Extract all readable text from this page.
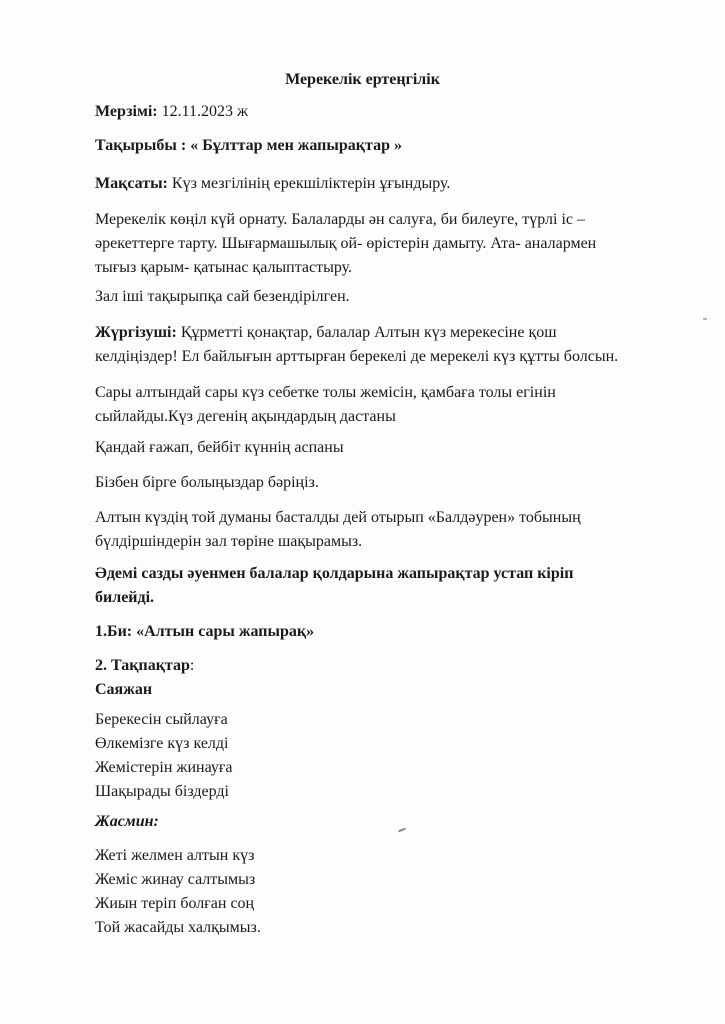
Мерекелік ертеңгілік
Мерзімі: 12.11.2023 ж
Тақырыбы : « Бұлттар мен жапырақтар »
Мақсаты: Күз мезгілінің ерекшіліктерін ұғындыру.
Мерекелік көңіл күй орнату. Балаларды ән салуға, би билеуге, түрлі іс –
әрекеттерге тарту. Шығармашылық ой- өрістерін дамыту. Ата- аналармен
тығыз қарым- қатынас қалыптастыру.
Зал іші тақырыпқа сай безендірілген.
Жүргізуші: Құрметті қонақтар, балалар Алтын күз мерекесіне қош
келдіңіздер! Ел байлығын арттырған берекелі де мерекелі күз құтты болсын.
Сары алтындай сары күз себетке толы жемісін, қамбаға толы егінін
сыйлайды.Күз дегенің ақындардың дастаны
Қандай ғажап, бейбіт күннің аспаны
Бізбен бірге болыңыздар бәріңіз.
Алтын күздің той думаны басталды дей отырып «Балдәурен» тобының
бүлдіршіндерін зал төріне шақырамыз.
Әдемі сазды әуенмен балалар қолдарына жапырақтар устап кіріп
билейді.
1.Би: «Алтын сары жапырақ»
2. Тақпақтар:
Саяжан
Берекесін сыйлауға
Өлкемізге күз келді
Жемістерін жинауға
Шақырады біздерді
Жасмин:
Жеті желмен алтын күз
Жеміс жинау салтымыз
Жиын теріп болған соң
Той жасайды халқымыз.
